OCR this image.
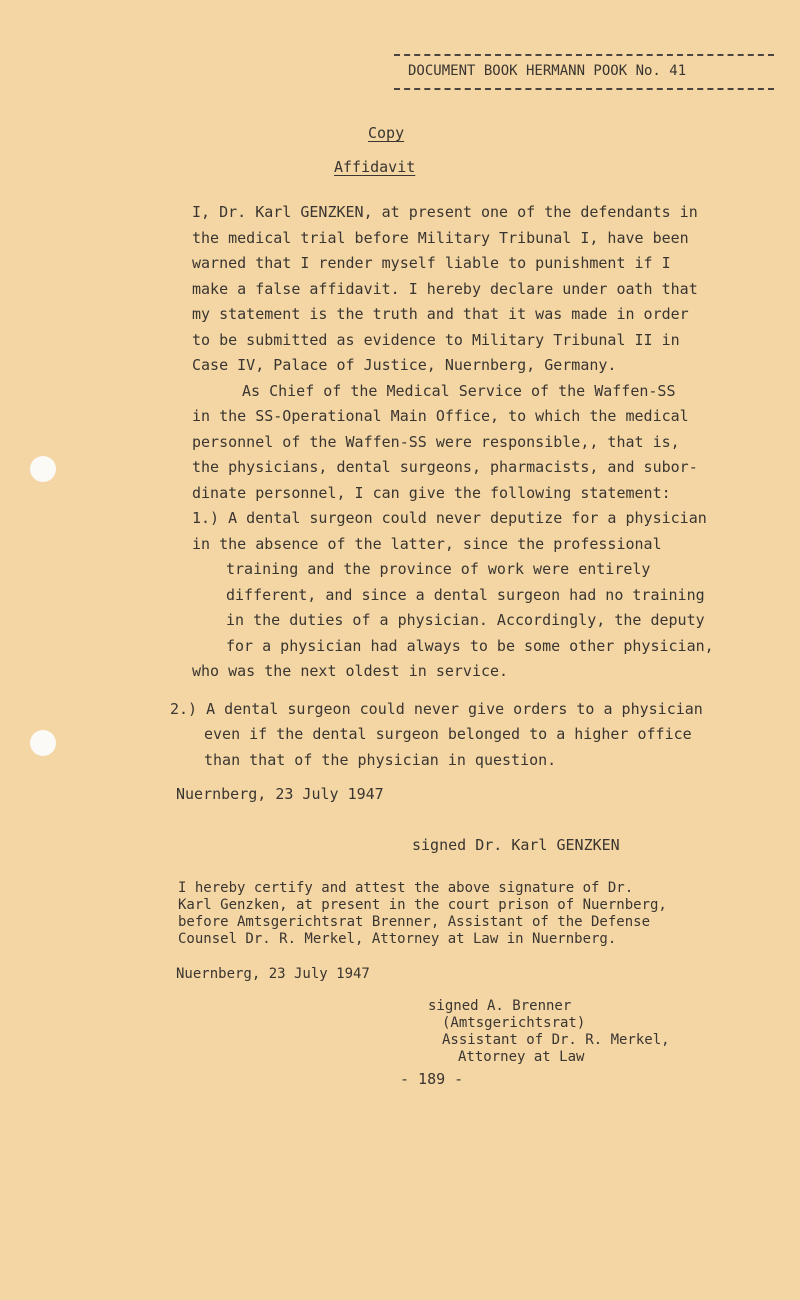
DOCUMENT BOOK HERMANN POOK No. 41
Copy
Affidavit
I, Dr. Karl GENZKEN, at present one of the defendants in
the medical trial before Military Tribunal I, have been
warned that I render myself liable to punishment if I
make a false affidavit. I hereby declare under oath that
my statement is the truth and that it was made in order
to be submitted as evidence to Military Tribunal II in
Case IV, Palace of Justice, Nuernberg, Germany.
As Chief of the Medical Service of the Waffen-SS
in the SS-Operational Main Office, to which the medical
personnel of the Waffen-SS were responsible,, that is,
the physicians, dental surgeons, pharmacists, and subor-
dinate personnel, I can give the following statement:
1.) A dental surgeon could never deputize for a physician
in the absence of the latter, since the professional
training and the province of work were entirely
different, and since a dental surgeon had no training
in the duties of a physician. Accordingly, the deputy
for a physician had always to be some other physician,
who was the next oldest in service.
2.) A dental surgeon could never give orders to a physician
even if the dental surgeon belonged to a higher office
than that of the physician in question.
Nuernberg, 23 July 1947
signed Dr. Karl GENZKEN
I hereby certify and attest the above signature of Dr.
Karl Genzken, at present in the court prison of Nuernberg,
before Amtsgerichtsrat Brenner, Assistant of the Defense
Counsel Dr. R. Merkel, Attorney at Law in Nuernberg.
Nuernberg, 23 July 1947
signed A. Brenner
(Amtsgerichtsrat)
Assistant of Dr. R. Merkel,
Attorney at Law
- 189 -
